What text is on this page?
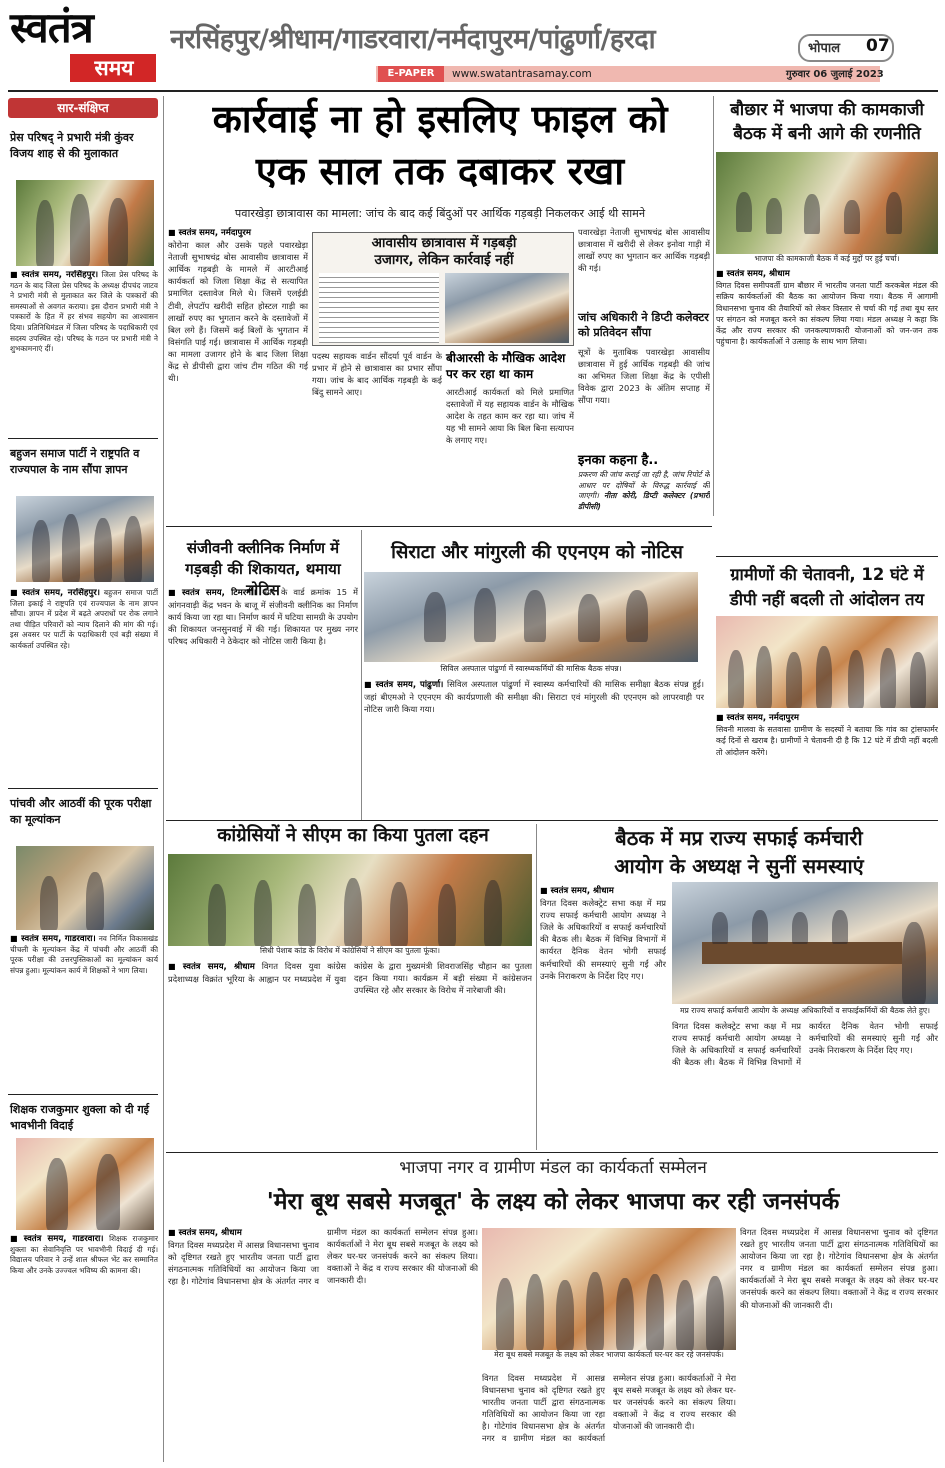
स्वतंत्र
समय
नरसिंहपुर/श्रीधाम/गाडरवारा/नर्मदापुरम/पांढुर्णा/हरदा	भोपाल 07
E-PAPER	www.swatantrasamay.com	गुरुवार 06 जुलाई 2023
सार-संक्षिप्त
प्रेस परिषद् ने प्रभारी मंत्री कुंवर विजय शाह से की मुलाकात
■ स्वतंत्र समय, नरसिंहपुर। जिला प्रेस परिषद के गठन के बाद जिला प्रेस परिषद के अध्यक्ष दीपचंद जाटव ने प्रभारी मंत्री से मुलाकात कर जिले के पत्रकारों की समस्याओं से अवगत कराया। इस दौरान प्रभारी मंत्री ने पत्रकारों के हित में हर संभव सहयोग का आश्वासन दिया। प्रतिनिधिमंडल में जिला परिषद के पदाधिकारी एवं सदस्य उपस्थित रहे। परिषद के गठन पर प्रभारी मंत्री ने शुभकामनाएं दीं।
बहुजन समाज पार्टी ने राष्ट्रपति व राज्यपाल के नाम सौंपा ज्ञापन
■ स्वतंत्र समय, नरसिंहपुर। बहुजन समाज पार्टी जिला इकाई ने राष्ट्रपति एवं राज्यपाल के नाम ज्ञापन सौंपा। ज्ञापन में प्रदेश में बढ़ते अपराधों पर रोक लगाने तथा पीड़ित परिवारों को न्याय दिलाने की मांग की गई। इस अवसर पर पार्टी के पदाधिकारी एवं बड़ी संख्या में कार्यकर्ता उपस्थित रहे।
पांचवी और आठवीं की पूरक परीक्षा का मूल्यांकन
■ स्वतंत्र समय, गाडरवारा। नव निर्मित विकासखंड चीचली के मूल्यांकन केंद्र में पांचवी और आठवीं की पूरक परीक्षा की उत्तरपुस्तिकाओं का मूल्यांकन कार्य संपन्न हुआ। मूल्यांकन कार्य में शिक्षकों ने भाग लिया।
शिक्षक राजकुमार शुक्ला को दी गई भावभीनी विदाई
■ स्वतंत्र समय, गाडरवारा। शिक्षक राजकुमार शुक्ला का सेवानिवृत्ति पर भावभीनी विदाई दी गई। विद्यालय परिवार ने उन्हें शाल श्रीफल भेंट कर सम्मानित किया और उनके उज्ज्वल भविष्य की कामना की।
कार्रवाई ना हो इसलिए फाइल को
एक साल तक दबाकर रखा
पवारखेड़ा छात्रावास का मामला: जांच के बाद कई बिंदुओं पर आर्थिक गड़बड़ी निकलकर आई थी सामने
■ स्वतंत्र समय, नर्मदापुरम
कोरोना काल और उसके पहले पवारखेड़ा नेताजी सुभाषचंद्र बोस आवासीय छात्रावास में आर्थिक गड़बड़ी के मामले में आरटीआई कार्यकर्ता को जिला शिक्षा केंद्र से सत्यापित प्रमाणित दस्तावेज मिले थे। जिसमें एलईडी टीवी, लेपटॉप खरीदी सहित होस्टल गाड़ी का लाखों रुपए का भुगतान करने के दस्तावेजों में बिल लगे हैं। जिसमें कई बिलों के भुगतान में विसंगति पाई गई। छात्रावास में आर्थिक गड़बड़ी का मामला उजागर होने के बाद जिला शिक्षा केंद्र से डीपीसी द्वारा जांच टीम गठित की गई थी।
आवासीय छात्रावास में गड़बड़ी
उजागर, लेकिन कार्रवाई नहीं
पदस्थ सहायक वार्डन सौंदर्या पूर्व वार्डन के प्रभार में होने से छात्रावास का प्रभार सौंपा गया। जांच के बाद आर्थिक गड़बड़ी के कई बिंदु सामने आए।
बीआरसी के मौखिक आदेश पर कर रहा था काम
आरटीआई कार्यकर्ता को मिले प्रमाणित दस्तावेजों में यह सहायक वार्डन के मौखिक आदेश के तहत काम कर रहा था। जांच में यह भी सामने आया कि बिल बिना सत्यापन के लगाए गए।
पवारखेड़ा नेताजी सुभाषचंद्र बोस आवासीय छात्रावास में खरीदी से लेकर इनोवा गाड़ी में लाखों रुपए का भुगतान कर आर्थिक गड़बड़ी की गई।
जांच अधिकारी ने डिप्टी कलेक्टर को प्रतिवेदन सौंपा
सूत्रों के मुताबिक पवारखेड़ा आवासीय छात्रावास में हुई आर्थिक गड़बड़ी की जांच का अभिमत जिला शिक्षा केंद्र के एपीसी विवेक द्वारा 2023 के अंतिम सप्ताह में सौंपा गया।
इनका कहना है..
प्रकरण की जांच कराई जा रही है, जांच रिपोर्ट के आधार पर दोषियों के विरुद्ध कार्रवाई की जाएगी। नीता कोरी, डिप्टी कलेक्टर (प्रभारी डीपीसी)
बौछार में भाजपा की कामकाजी बैठक में बनी आगे की रणनीति
भाजपा की कामकाजी बैठक में कई मुद्दों पर हुई चर्चा।
■ स्वतंत्र समय, श्रीधाम
विगत दिवस समीपवर्ती ग्राम बौछार में भारतीय जनता पार्टी करकबेल मंडल की सक्रिय कार्यकर्ताओं की बैठक का आयोजन किया गया। बैठक में आगामी विधानसभा चुनाव की तैयारियों को लेकर विस्तार से चर्चा की गई तथा बूथ स्तर पर संगठन को मजबूत करने का संकल्प लिया गया। मंडल अध्यक्ष ने कहा कि केंद्र और राज्य सरकार की जनकल्याणकारी योजनाओं को जन-जन तक पहुंचाना है। कार्यकर्ताओं ने उत्साह के साथ भाग लिया।
ग्रामीणों की चेतावनी, 12 घंटे में डीपी नहीं बदली तो आंदोलन तय
■ स्वतंत्र समय, नर्मदापुरम
सिवनी मालवा के सतवासा ग्रामीण के सदस्यों ने बताया कि गांव का ट्रांसफार्मर कई दिनों से खराब है। ग्रामीणों ने चेतावनी दी है कि 12 घंटे में डीपी नहीं बदली तो आंदोलन करेंगे।
संजीवनी क्लीनिक निर्माण में गड़बड़ी की शिकायत, थमाया नोटिस
■ स्वतंत्र समय, टिमरनी। नगर के वार्ड क्रमांक 15 में आंगनवाड़ी केंद्र भवन के बाजू में संजीवनी क्लीनिक का निर्माण कार्य किया जा रहा था। निर्माण कार्य में घटिया सामग्री के उपयोग की शिकायत जनसुनवाई में की गई। शिकायत पर मुख्य नगर परिषद अधिकारी ने ठेकेदार को नोटिस जारी किया है।
सिराटा और मांगुरली की एएनएम को नोटिस
सिविल अस्पताल पांढुर्णा में स्वास्थ्यकर्मियों की मासिक बैठक संपन्न।
■ स्वतंत्र समय, पांढुर्णा। सिविल अस्पताल पांढुर्णा में स्वास्थ्य कर्मचारियों की मासिक समीक्षा बैठक संपन्न हुई। जहां बीएमओ ने एएनएम की कार्यप्रणाली की समीक्षा की। सिराटा एवं मांगुरली की एएनएम को लापरवाही पर नोटिस जारी किया गया।
कांग्रेसियों ने सीएम का किया पुतला दहन
सिधी पेशाब कांड के विरोध में कांग्रेसियों ने सीएम का पुतला फूंका।
■ स्वतंत्र समय, श्रीधाम विगत दिवस युवा कांग्रेस प्रदेशाध्यक्ष विक्रांत भूरिया के आह्वान पर मध्यप्रदेश में युवा कांग्रेस के द्वारा मुख्यमंत्री शिवराजसिंह चौहान का पुतला दहन किया गया। कार्यक्रम में बड़ी संख्या में कांग्रेसजन उपस्थित रहे और सरकार के विरोध में नारेबाजी की।
बैठक में मप्र राज्य सफाई कर्मचारी
आयोग के अध्यक्ष ने सुनीं समस्याएं
■ स्वतंत्र समय, श्रीधाम
विगत दिवस कलेक्ट्रेट सभा कक्ष में मप्र राज्य सफाई कर्मचारी आयोग अध्यक्ष ने जिले के अधिकारियों व सफाई कर्मचारियों की बैठक ली। बैठक में विभिन्न विभागों में कार्यरत दैनिक वेतन भोगी सफाई कर्मचारियों की समस्याएं सुनी गईं और उनके निराकरण के निर्देश दिए गए।
मप्र राज्य सफाई कर्मचारी आयोग के अध्यक्ष अधिकारियों व सफाईकर्मियों की बैठक लेते हुए।
विगत दिवस कलेक्ट्रेट सभा कक्ष में मप्र राज्य सफाई कर्मचारी आयोग अध्यक्ष ने जिले के अधिकारियों व सफाई कर्मचारियों की बैठक ली। बैठक में विभिन्न विभागों में कार्यरत दैनिक वेतन भोगी सफाई कर्मचारियों की समस्याएं सुनी गईं और उनके निराकरण के निर्देश दिए गए।
भाजपा नगर व ग्रामीण मंडल का कार्यकर्ता सम्मेलन
'मेरा बूथ सबसे मजबूत' के लक्ष्य को लेकर भाजपा कर रही जनसंपर्क
■ स्वतंत्र समय, श्रीधाम
विगत दिवस मध्यप्रदेश में आसन्न विधानसभा चुनाव को दृष्टिगत रखते हुए भारतीय जनता पार्टी द्वारा संगठनात्मक गतिविधियों का आयोजन किया जा रहा है। गोटेगांव विधानसभा क्षेत्र के अंतर्गत नगर व ग्रामीण मंडल का कार्यकर्ता सम्मेलन संपन्न हुआ। कार्यकर्ताओं ने मेरा बूथ सबसे मजबूत के लक्ष्य को लेकर घर-घर जनसंपर्क करने का संकल्प लिया। वक्ताओं ने केंद्र व राज्य सरकार की योजनाओं की जानकारी दी।
मेरा बूथ सबसे मजबूत के लक्ष्य को लेकर भाजपा कार्यकर्ता घर-घर कर रहे जनसंपर्क।
विगत दिवस मध्यप्रदेश में आसन्न विधानसभा चुनाव को दृष्टिगत रखते हुए भारतीय जनता पार्टी द्वारा संगठनात्मक गतिविधियों का आयोजन किया जा रहा है। गोटेगांव विधानसभा क्षेत्र के अंतर्गत नगर व ग्रामीण मंडल का कार्यकर्ता सम्मेलन संपन्न हुआ। कार्यकर्ताओं ने मेरा बूथ सबसे मजबूत के लक्ष्य को लेकर घर-घर जनसंपर्क करने का संकल्प लिया। वक्ताओं ने केंद्र व राज्य सरकार की योजनाओं की जानकारी दी।
विगत दिवस मध्यप्रदेश में आसन्न विधानसभा चुनाव को दृष्टिगत रखते हुए भारतीय जनता पार्टी द्वारा संगठनात्मक गतिविधियों का आयोजन किया जा रहा है। गोटेगांव विधानसभा क्षेत्र के अंतर्गत नगर व ग्रामीण मंडल का कार्यकर्ता सम्मेलन संपन्न हुआ। कार्यकर्ताओं ने मेरा बूथ सबसे मजबूत के लक्ष्य को लेकर घर-घर जनसंपर्क करने का संकल्प लिया। वक्ताओं ने केंद्र व राज्य सरकार की योजनाओं की जानकारी दी।
